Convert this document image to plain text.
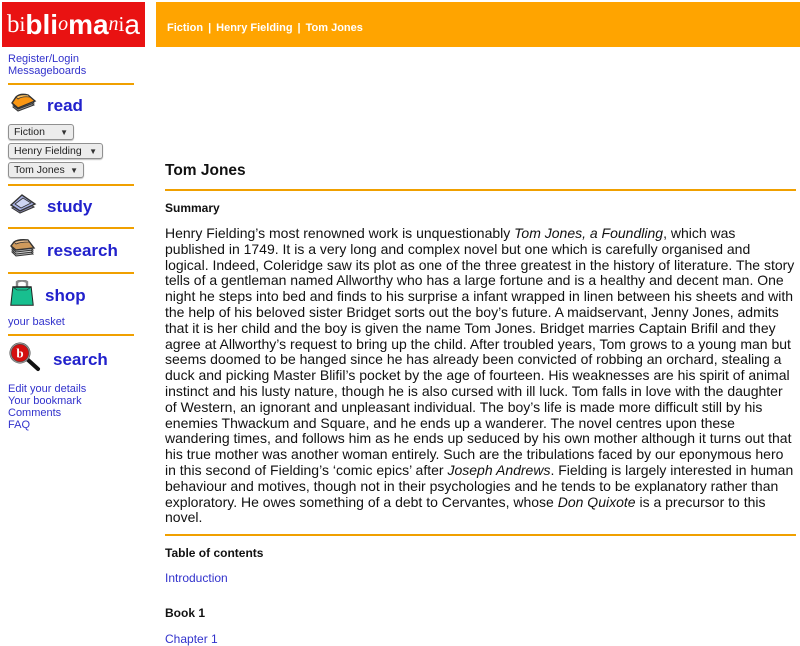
b i bli o ma n i a Fiction | Henry Fielding | Tom Jones
Register/Login
Messageboards
read
Fiction ▼
Henry Fielding ▼
Tom Jones ▼
study
research
shop
your basket
b search
Edit your details
Your bookmark
Comments
FAQ
Tom Jones
Summary

Henry Fielding’s most renowned work is unquestionably Tom Jones, a Foundling, which was published in 1749. It is a very long and complex novel but one which is carefully organised and logical. Indeed, Coleridge saw its plot as one of the three greatest in the history of literature. The story tells of a gentleman named Allworthy who has a large fortune and is a healthy and decent man. One night he steps into bed and finds to his surprise a infant wrapped in linen between his sheets and with the help of his beloved sister Bridget sorts out the boy’s future. A maidservant, Jenny Jones, admits that it is her child and the boy is given the name Tom Jones. Bridget marries Captain Brifil and they agree at Allworthy’s request to bring up the child. After troubled years, Tom grows to a young man but seems doomed to be hanged since he has already been convicted of robbing an orchard, stealing a duck and picking Master Blifil’s pocket by the age of fourteen. His weaknesses are his spirit of animal instinct and his lusty nature, though he is also cursed with ill luck. Tom falls in love with the daughter of Western, an ignorant and unpleasant individual. The boy’s life is made more difficult still by his enemies Thwackum and Square, and he ends up a wanderer. The novel centres upon these wandering times, and follows him as he ends up seduced by his own mother although it turns out that his true mother was another woman entirely. Such are the tribulations faced by our eponymous hero in this second of Fielding’s ‘comic epics’ after Joseph Andrews. Fielding is largely interested in human behaviour and motives, though not in their psychologies and he tends to be explanatory rather than exploratory. He owes something of a debt to Cervantes, whose Don Quixote is a precursor to this novel.

Table of contents
Introduction
Book 1
Chapter 1
